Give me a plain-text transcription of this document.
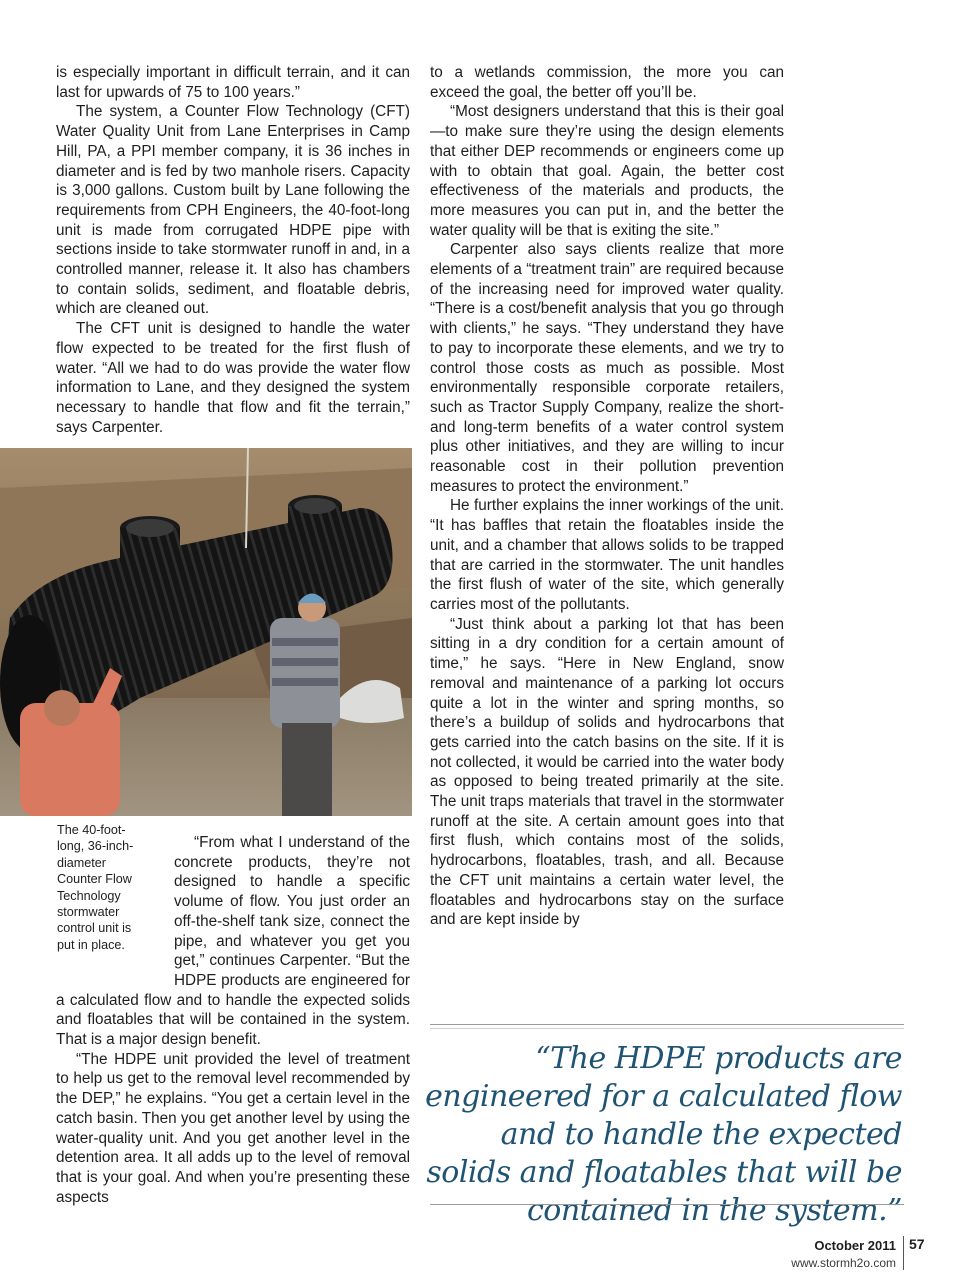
is especially important in difficult terrain, and it can last for upwards of 75 to 100 years.”

The system, a Counter Flow Technology (CFT) Water Quality Unit from Lane Enterprises in Camp Hill, PA, a PPI member company, it is 36 inches in diameter and is fed by two manhole risers. Capacity is 3,000 gallons. Custom built by Lane following the requirements from CPH Engineers, the 40-foot-long unit is made from corrugated HDPE pipe with sections inside to take stormwater runoff in and, in a controlled manner, release it. It also has chambers to contain solids, sediment, and floatable debris, which are cleaned out.

The CFT unit is designed to handle the water flow expected to be treated for the first flush of water. “All we had to do was provide the water flow information to Lane, and they designed the system necessary to handle that flow and fit the terrain,” says Carpenter.

The 40-foot-long, 36-inch-diameter Counter Flow Technology stormwater control unit is put in place.

“From what I understand of the concrete products, they’re not designed to handle a specific volume of flow. You just order an off-the-shelf tank size, connect the pipe, and whatever you get you get,” continues Carpenter. “But the HDPE products are engineered for a calculated flow and to handle the expected solids and floatables that will be contained in the system. That is a major design benefit.

“The HDPE unit provided the level of treatment to help us get to the removal level recommended by the DEP,” he explains. “You get a certain level in the catch basin. Then you get another level by using the water-quality unit. And you get another level in the detention area. It all adds up to the level of removal that is your goal. And when you’re presenting these aspects

to a wetlands commission, the more you can exceed the goal, the better off you’ll be.

“Most designers understand that this is their goal—to make sure they’re using the design elements that either DEP recommends or engineers come up with to obtain that goal. Again, the better cost effectiveness of the materials and products, the more measures you can put in, and the better the water quality will be that is exiting the site.”

Carpenter also says clients realize that more elements of a “treatment train” are required because of the increasing need for improved water quality. “There is a cost/benefit analysis that you go through with clients,” he says. “They understand they have to pay to incorporate these elements, and we try to control those costs as much as possible. Most environmentally responsible corporate retailers, such as Tractor Supply Company, realize the short- and long-term benefits of a water control system plus other initiatives, and they are willing to incur reasonable cost in their pollution prevention measures to protect the environment.”

He further explains the inner workings of the unit. “It has baffles that retain the floatables inside the unit, and a chamber that allows solids to be trapped that are carried in the stormwater. The unit handles the first flush of water of the site, which generally carries most of the pollutants.

“Just think about a parking lot that has been sitting in a dry condition for a certain amount of time,” he says. “Here in New England, snow removal and maintenance of a parking lot occurs quite a lot in the winter and spring months, so there’s a buildup of solids and hydrocarbons that gets carried into the catch basins on the site. If it is not collected, it would be carried into the water body as opposed to being treated primarily at the site. The unit traps materials that travel in the stormwater runoff at the site. A certain amount goes into that first flush, which contains most of the solids, hydrocarbons, floatables, trash, and all. Because the CFT unit maintains a certain water level, the floatables and hydrocarbons stay on the surface and are kept inside by

“The HDPE products are engineered for a calculated flow and to handle the expected solids and floatables that will be contained in the system.”
October 2011 57
www.stormh2o.com
